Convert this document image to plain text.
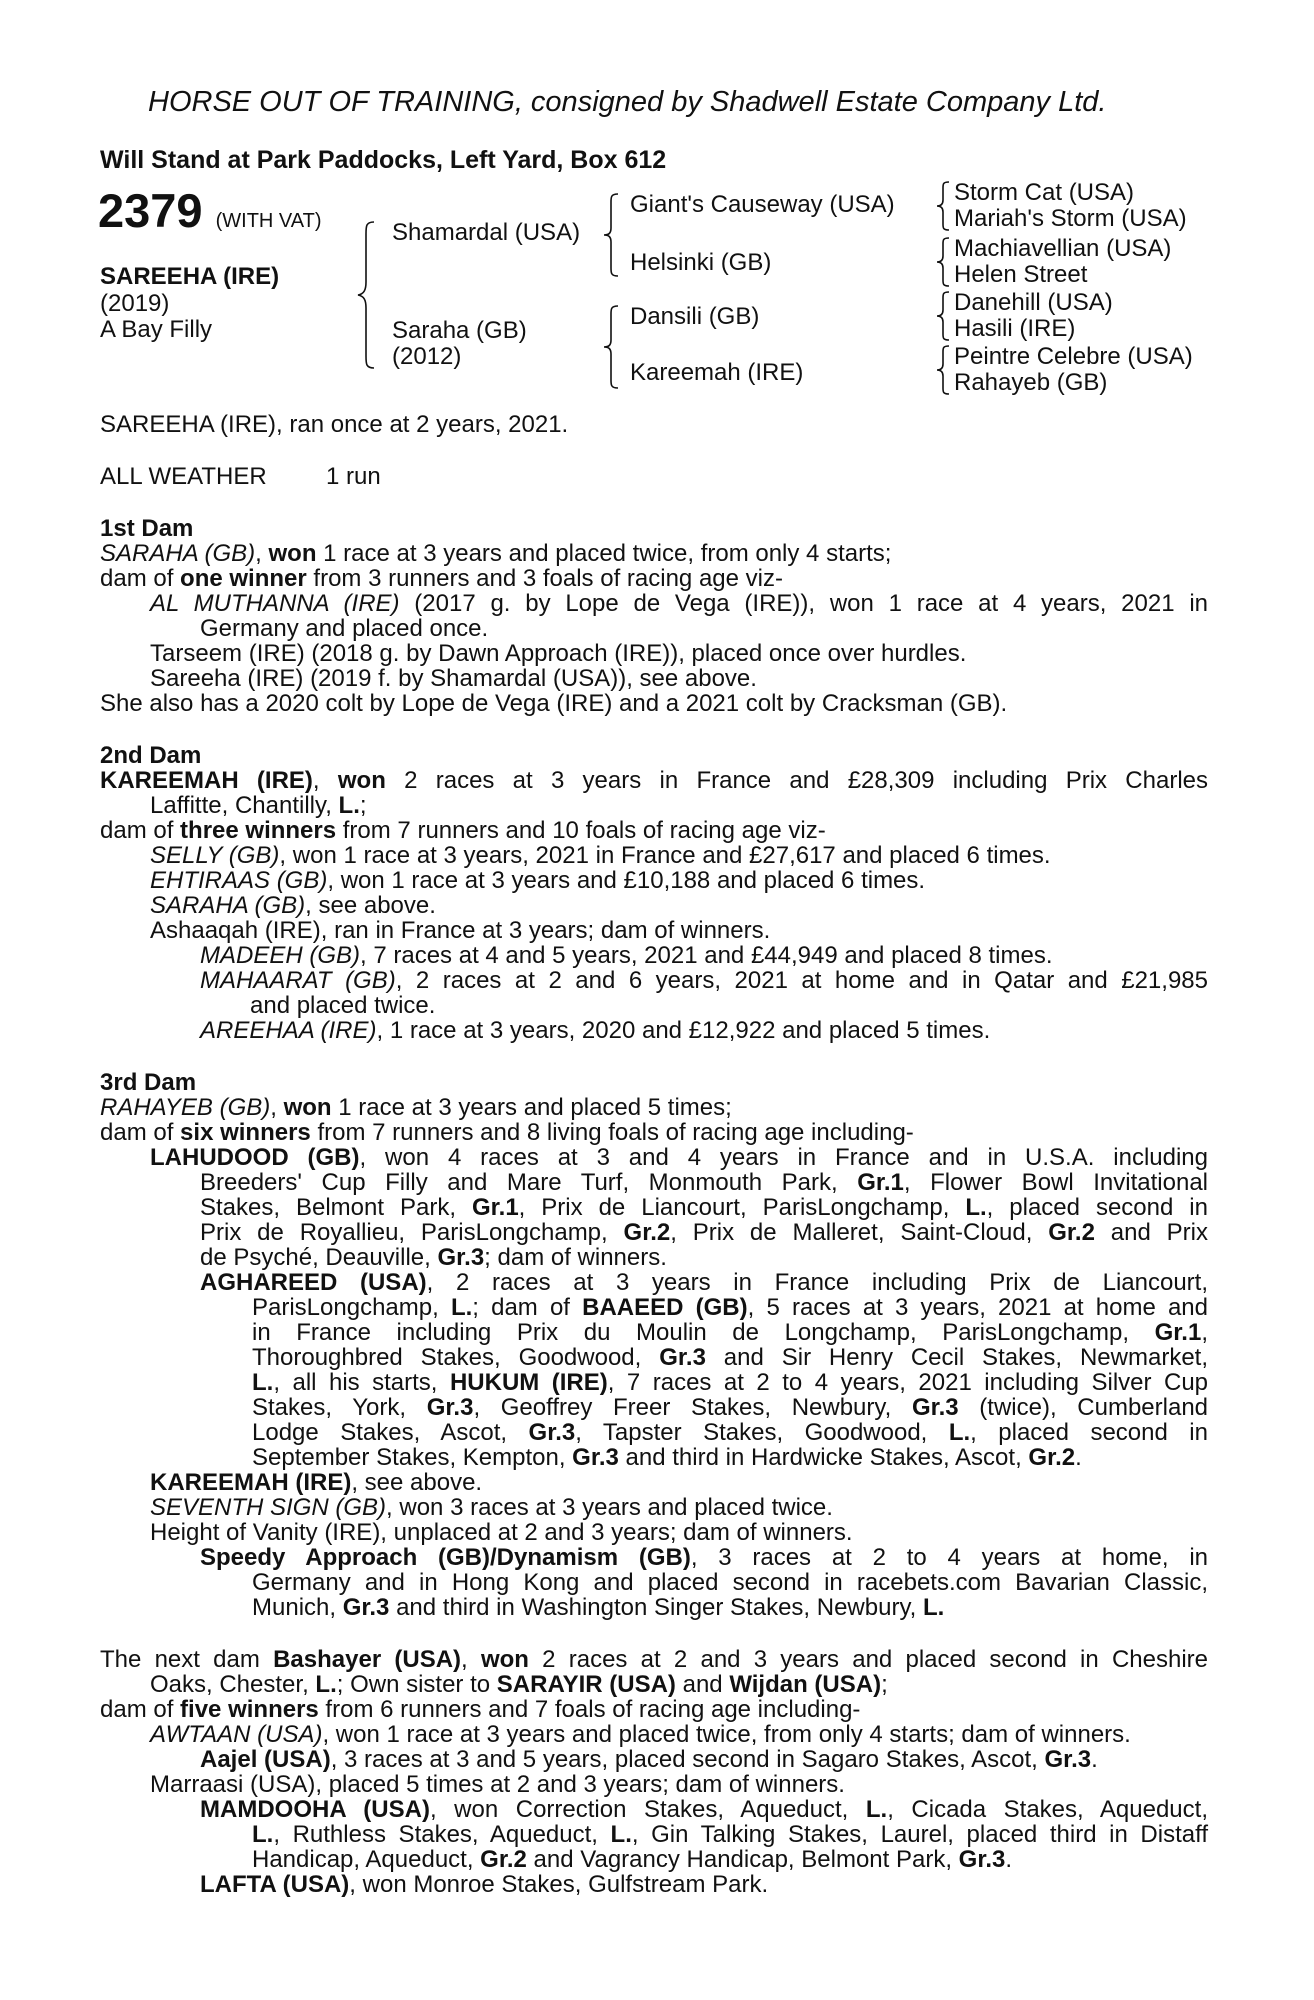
HORSE OUT OF TRAINING, consigned by Shadwell Estate Company Ltd.
Will Stand at Park Paddocks, Left Yard, Box 612
2379 (WITH VAT)
SAREEHA (IRE)
(2019)
A Bay Filly
Shamardal (USA)
Saraha (GB)
(2012)
Giant's Causeway (USA)
Helsinki (GB)
Dansili (GB)
Kareemah (IRE)
Storm Cat (USA)
Mariah's Storm (USA)
Machiavellian (USA)
Helen Street
Danehill (USA)
Hasili (IRE)
Peintre Celebre (USA)
Rahayeb (GB)
SAREEHA (IRE), ran once at 2 years, 2021.
ALL WEATHER 1 run
1st Dam
SARAHA (GB), won 1 race at 3 years and placed twice, from only 4 starts;
dam of one winner from 3 runners and 3 foals of racing age viz-
AL MUTHANNA (IRE) (2017 g. by Lope de Vega (IRE)), won 1 race at 4 years, 2021 in
Germany and placed once.
Tarseem (IRE) (2018 g. by Dawn Approach (IRE)), placed once over hurdles.
Sareeha (IRE) (2019 f. by Shamardal (USA)), see above.
She also has a 2020 colt by Lope de Vega (IRE) and a 2021 colt by Cracksman (GB).
2nd Dam
KAREEMAH (IRE), won 2 races at 3 years in France and £28,309 including Prix Charles
Laffitte, Chantilly, L.;
dam of three winners from 7 runners and 10 foals of racing age viz-
SELLY (GB), won 1 race at 3 years, 2021 in France and £27,617 and placed 6 times.
EHTIRAAS (GB), won 1 race at 3 years and £10,188 and placed 6 times.
SARAHA (GB), see above.
Ashaaqah (IRE), ran in France at 3 years; dam of winners.
MADEEH (GB), 7 races at 4 and 5 years, 2021 and £44,949 and placed 8 times.
MAHAARAT (GB), 2 races at 2 and 6 years, 2021 at home and in Qatar and £21,985
and placed twice.
AREEHAA (IRE), 1 race at 3 years, 2020 and £12,922 and placed 5 times.
3rd Dam
RAHAYEB (GB), won 1 race at 3 years and placed 5 times;
dam of six winners from 7 runners and 8 living foals of racing age including-
LAHUDOOD (GB), won 4 races at 3 and 4 years in France and in U.S.A. including
Breeders' Cup Filly and Mare Turf, Monmouth Park, Gr.1, Flower Bowl Invitational
Stakes, Belmont Park, Gr.1, Prix de Liancourt, ParisLongchamp, L., placed second in
Prix de Royallieu, ParisLongchamp, Gr.2, Prix de Malleret, Saint-Cloud, Gr.2 and Prix
de Psyché, Deauville, Gr.3; dam of winners.
AGHAREED (USA), 2 races at 3 years in France including Prix de Liancourt,
ParisLongchamp, L.; dam of BAAEED (GB), 5 races at 3 years, 2021 at home and
in France including Prix du Moulin de Longchamp, ParisLongchamp, Gr.1,
Thoroughbred Stakes, Goodwood, Gr.3 and Sir Henry Cecil Stakes, Newmarket,
L., all his starts, HUKUM (IRE), 7 races at 2 to 4 years, 2021 including Silver Cup
Stakes, York, Gr.3, Geoffrey Freer Stakes, Newbury, Gr.3 (twice), Cumberland
Lodge Stakes, Ascot, Gr.3, Tapster Stakes, Goodwood, L., placed second in
September Stakes, Kempton, Gr.3 and third in Hardwicke Stakes, Ascot, Gr.2.
KAREEMAH (IRE), see above.
SEVENTH SIGN (GB), won 3 races at 3 years and placed twice.
Height of Vanity (IRE), unplaced at 2 and 3 years; dam of winners.
Speedy Approach (GB)/Dynamism (GB), 3 races at 2 to 4 years at home, in
Germany and in Hong Kong and placed second in racebets.com Bavarian Classic,
Munich, Gr.3 and third in Washington Singer Stakes, Newbury, L.
The next dam Bashayer (USA), won 2 races at 2 and 3 years and placed second in Cheshire
Oaks, Chester, L.; Own sister to SARAYIR (USA) and Wijdan (USA);
dam of five winners from 6 runners and 7 foals of racing age including-
AWTAAN (USA), won 1 race at 3 years and placed twice, from only 4 starts; dam of winners.
Aajel (USA), 3 races at 3 and 5 years, placed second in Sagaro Stakes, Ascot, Gr.3.
Marraasi (USA), placed 5 times at 2 and 3 years; dam of winners.
MAMDOOHA (USA), won Correction Stakes, Aqueduct, L., Cicada Stakes, Aqueduct,
L., Ruthless Stakes, Aqueduct, L., Gin Talking Stakes, Laurel, placed third in Distaff
Handicap, Aqueduct, Gr.2 and Vagrancy Handicap, Belmont Park, Gr.3.
LAFTA (USA), won Monroe Stakes, Gulfstream Park.
